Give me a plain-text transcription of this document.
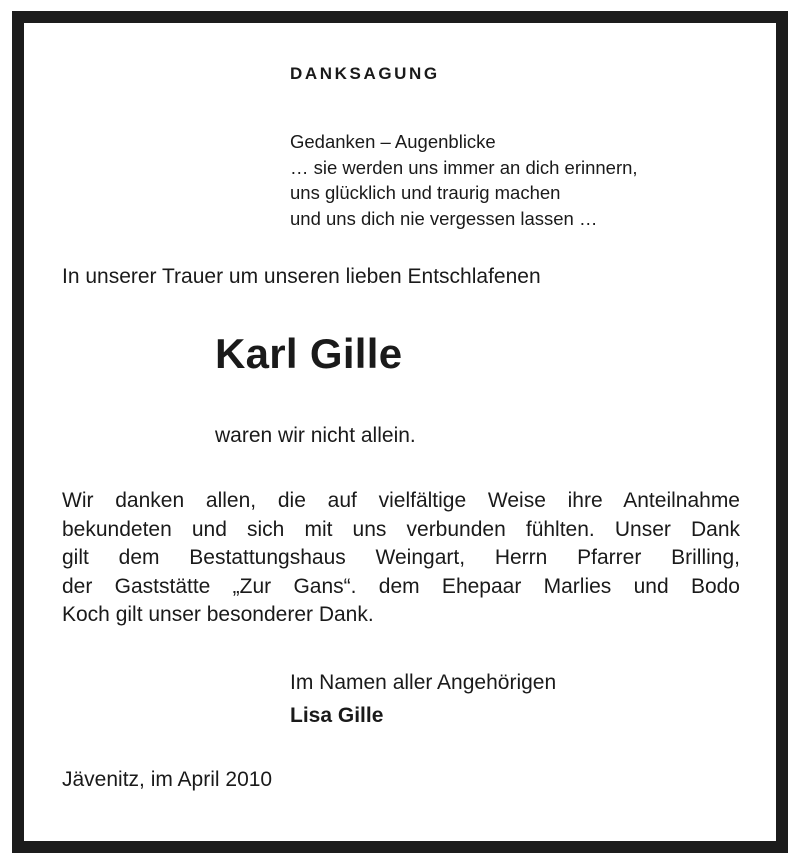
DANKSAGUNG
Gedanken – Augenblicke
… sie werden uns immer an dich erinnern,
uns glücklich und traurig machen
und uns dich nie vergessen lassen …

In unserer Trauer um unseren lieben Entschlafenen

Karl Gille

waren wir nicht allein.

Wir danken allen, die auf vielfältige Weise ihre Anteilnahme
bekundeten und sich mit uns verbunden fühlten. Unser Dank
gilt dem Bestattungshaus Weingart, Herrn Pfarrer Brilling,
der Gaststätte „Zur Gans“. dem Ehepaar Marlies und Bodo
Koch gilt unser besonderer Dank.

Im Namen aller Angehörigen

Lisa Gille

Jävenitz, im April 2010
